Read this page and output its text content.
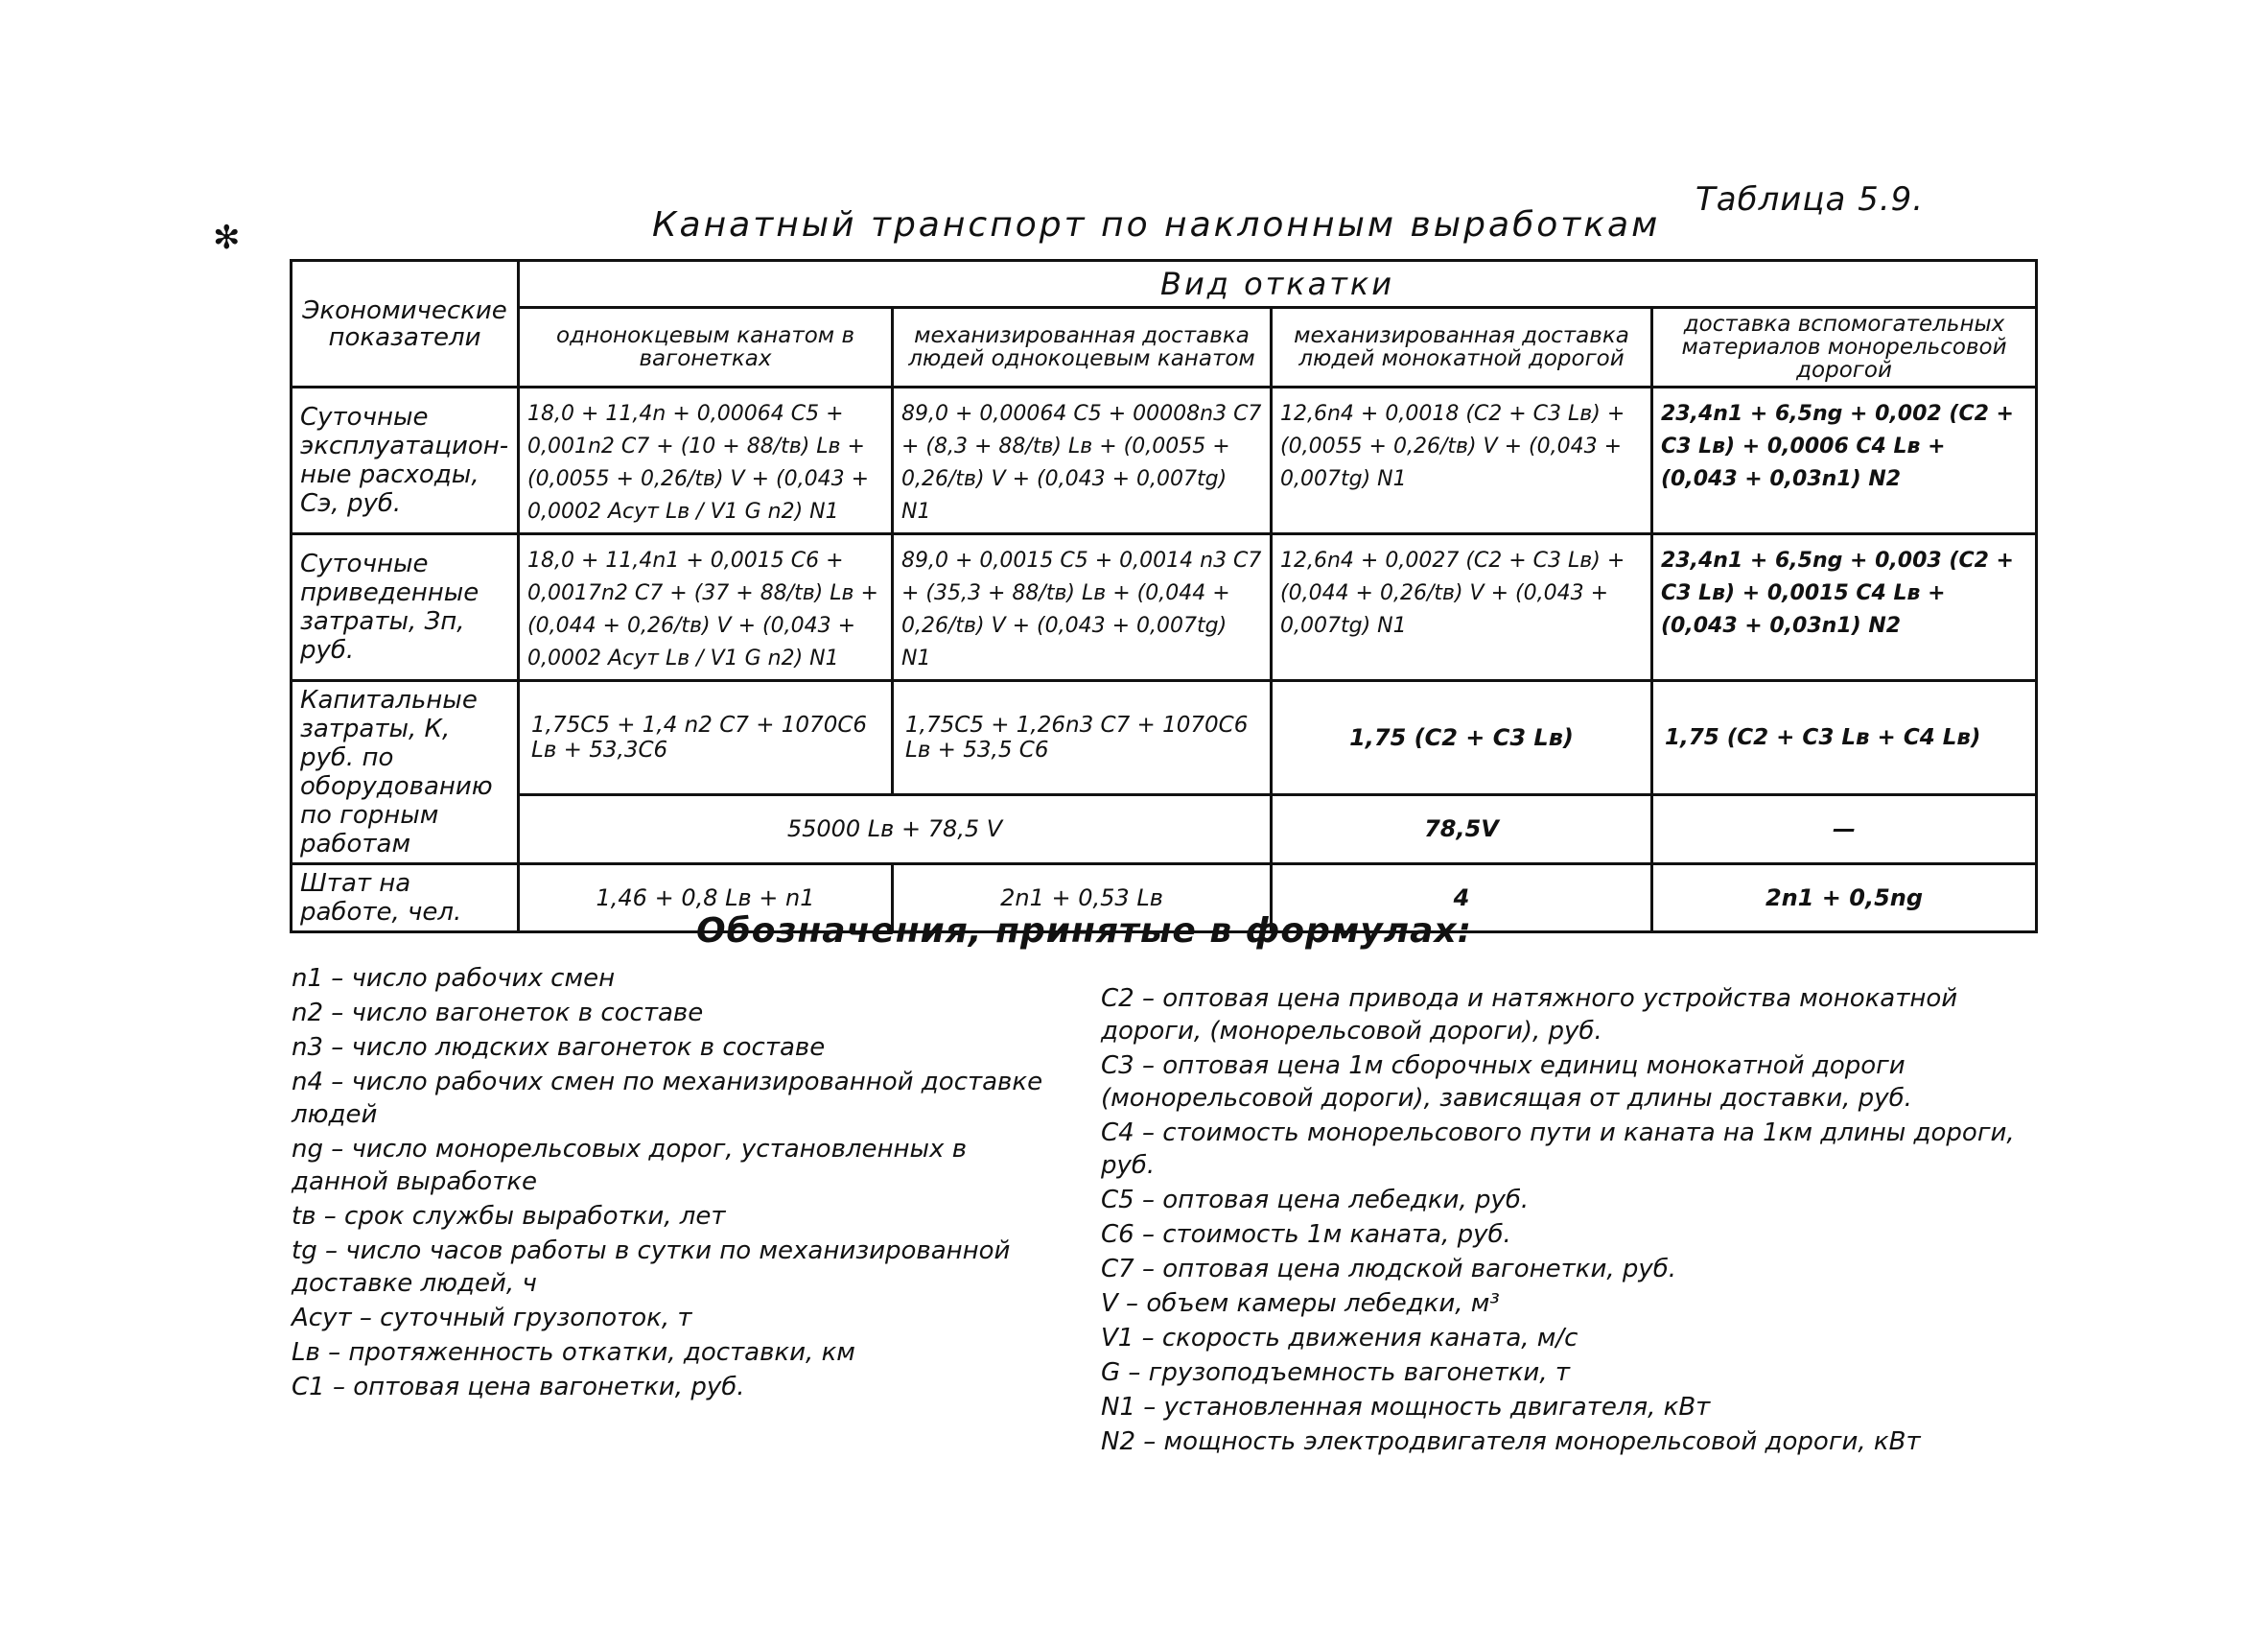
✻
Таблица 5.9.
Канатный транспорт по наклонным выработкам
Экономические показатели	Вид откатки			
	однонокцевым канатом в вагонетках	механизированная доставка людей однокоцевым канатом	механизированная доставка людей монокатной дорогой	доставка вспомогательных материалов монорельсовой дорогой
Суточные эксплуатацион-ные расходы, Cэ, руб.	18,0 + 11,4n + 0,00064 C5 + 0,001n2 C7 + (10 + 88/tв) Lв + (0,0055 + 0,26/tв) V + (0,043 + 0,0002 Aсут Lв / V1 G n2) N1	89,0 + 0,00064 C5 + 00008n3 C7 + (8,3 + 88/tв) Lв + (0,0055 + 0,26/tв) V + (0,043 + 0,007tg) N1	12,6n4 + 0,0018 (C2 + C3 Lв) + (0,0055 + 0,26/tв) V + (0,043 + 0,007tg) N1	23,4n1 + 6,5ng + 0,002 (C2 + C3 Lв) + 0,0006 C4 Lв + (0,043 + 0,03n1) N2
Суточные приведенные затраты, Зп, руб.	18,0 + 11,4n1 + 0,0015 C6 + 0,0017n2 C7 + (37 + 88/tв) Lв + (0,044 + 0,26/tв) V + (0,043 + 0,0002 Aсут Lв / V1 G n2) N1	89,0 + 0,0015 C5 + 0,0014 n3 C7 + (35,3 + 88/tв) Lв + (0,044 + 0,26/tв) V + (0,043 + 0,007tg) N1	12,6n4 + 0,0027 (C2 + C3 Lв) + (0,044 + 0,26/tв) V + (0,043 + 0,007tg) N1	23,4n1 + 6,5ng + 0,003 (C2 + C3 Lв) + 0,0015 C4 Lв + (0,043 + 0,03n1) N2
Капитальные затраты, К, руб. по оборудованию по горным работам	1,75C5 + 1,4 n2 C7 + 1070C6 Lв + 53,3C6	1,75C5 + 1,26n3 C7 + 1070C6 Lв + 53,5 C6	1,75 (C2 + C3 Lв)	1,75 (C2 + C3 Lв + C4 Lв)
	55000 Lв + 78,5 V		78,5V	—
Штат на работе, чел.	1,46 + 0,8 Lв + n1	2n1 + 0,53 Lв	4	2n1 + 0,5ng
Обозначения, принятые в формулах:
n1 – число рабочих смен
n2 – число вагонеток в составе
n3 – число людских вагонеток в составе
n4 – число рабочих смен по механизированной доставке людей
ng – число монорельсовых дорог, установленных в данной выработке
tв – срок службы выработки, лет
tg – число часов работы в сутки по механизированной доставке людей, ч
Aсут – суточный грузопоток, т
Lв – протяженность откатки, доставки, км
C1 – оптовая цена вагонетки, руб.
C2 – оптовая цена привода и натяжного устройства монокатной дороги, (монорельсовой дороги), руб.
C3 – оптовая цена 1м сборочных единиц монокатной дороги (монорельсовой дороги), зависящая от длины доставки, руб.
C4 – стоимость монорельсового пути и каната на 1км длины дороги, руб.
C5 – оптовая цена лебедки, руб.
C6 – стоимость 1м каната, руб.
C7 – оптовая цена людской вагонетки, руб.
V – объем камеры лебедки, м³
V1 – скорость движения каната, м/с
G – грузоподъемность вагонетки, т
N1 – установленная мощность двигателя, кВт
N2 – мощность электродвигателя монорельсовой дороги, кВт
